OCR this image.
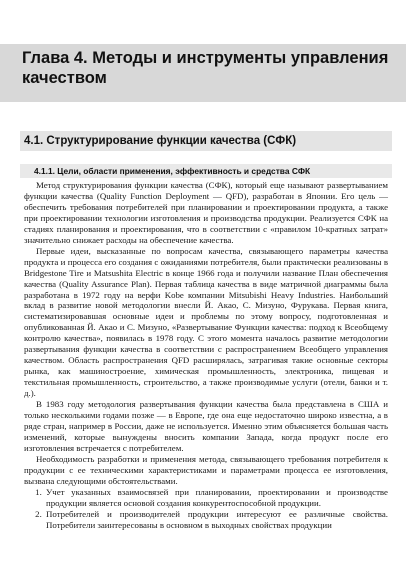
Глава 4. Методы и инструменты управления качеством
4.1. Структурирование функции качества (СФК)
4.1.1. Цели, области применения, эффективность и средства СФК

Метод структурирования функции качества (СФК), который еще называют развертыванием функции качества (Quality Function Deployment — QFD), разработан в Японии. Его цель — обеспечить требования потребителей при планировании и проектировании продукта, а также при проектировании технологии изготовления и производства продукции. Реализуется СФК на стадиях планирования и проектирования, что в соответствии с «правилом 10-кратных затрат» значительно снижает расходы на обеспечение качества.

Первые идеи, высказанные по вопросам качества, связывающего параметры качества продукта и процесса его создания с ожиданиями потребителя, были практически реализованы в Bridgestone Tire и Matsushita Electric в конце 1966 года и получили название План обеспечения качества (Quality Assurance Plan). Первая таблица качества в виде матричной диаграммы была разработана в 1972 году на верфи Kobe компании Mitsubishi Heavy Industries. Наибольший вклад в развитие новой методологии внесли Й. Акао, С. Мизуно, Фурукава. Первая книга, систематизировавшая основные идеи и проблемы по этому вопросу, подготовленная и опубликованная Й. Акао и С. Мизуно, «Развертывание Функции качества: подход к Всеобщему контролю качества», появилась в 1978 году. С этого момента началось развитие методологии развертывания функции качества в соответствии с распространением Всеобщего управления качеством. Область распространения QFD расширялась, затрагивая такие основные секторы рынка, как машиностроение, химическая промышленность, электроника, пищевая и текстильная промышленность, строительство, а также производимые услуги (отели, банки и т. д.).

В 1983 году методология развертывания функции качества была представлена в США и только несколькими годами позже — в Европе, где она еще недостаточно широко известна, а в ряде стран, например в России, даже не используется. Именно этим объясняется большая часть изменений, которые вынуждены вносить компании Запада, когда продукт после его изготовления встречается с потребителем.

Необходимость разработки и применения метода, связывающего требования потребителя к продукции с ее техническими характеристиками и параметрами процесса ее изготовления, вызвана следующими обстоятельствами.

1. Учет указанных взаимосвязей при планировании, проектировании и производстве продукции является основой создания конкурентоспособной продукции.
2. Потребителей и производителей продукции интересуют ее различные свойства. Потребители заинтересованы в основном в выходных свойствах продукции
